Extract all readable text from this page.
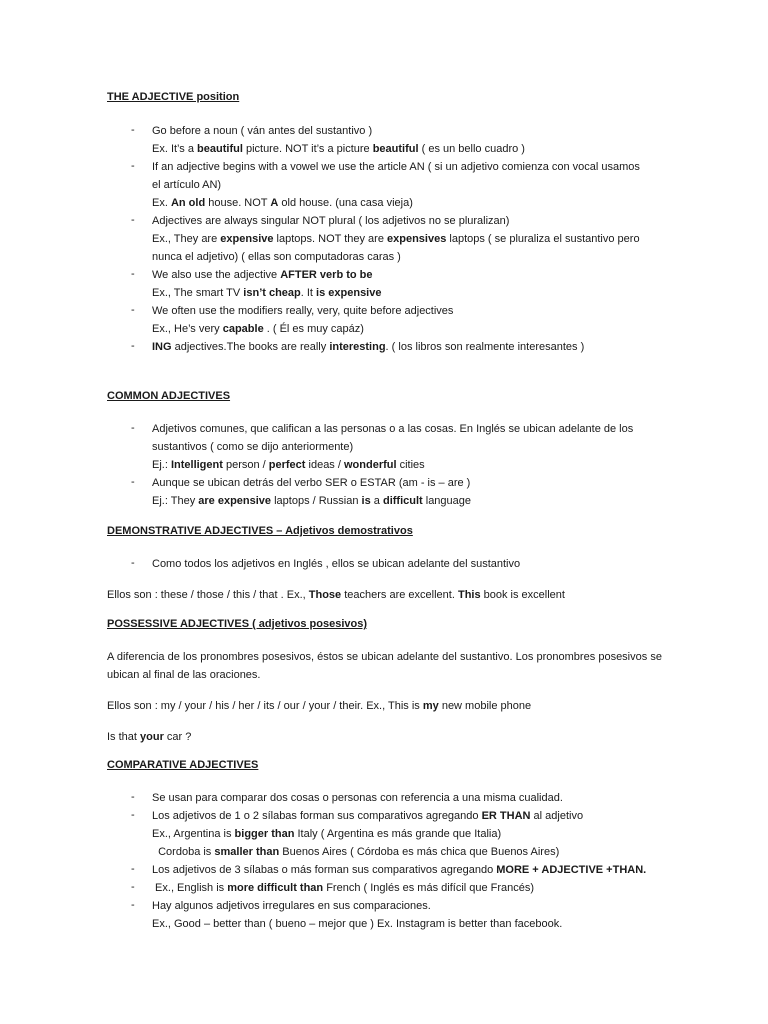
THE ADJECTIVE position
- Go before a noun ( ván antes del sustantivo )
Ex. It’s a beautiful picture. NOT it’s a picture beautiful ( es un bello cuadro )
- If an adjective begins with a vowel we use the article AN ( si un adjetivo comienza con vocal usamos
el artículo AN)
Ex. An old house. NOT A old house. (una casa vieja)
- Adjectives are always singular NOT plural ( los adjetivos no se pluralizan)
Ex., They are expensive laptops. NOT they are expensives laptops ( se pluraliza el sustantivo pero
nunca el adjetivo) ( ellas son computadoras caras )
- We also use the adjective AFTER verb to be
Ex., The smart TV isn’t cheap. It is expensive
- We often use the modifiers really, very, quite before adjectives
Ex., He’s very capable . ( Él es muy capáz)
- ING adjectives.The books are really interesting. ( los libros son realmente interesantes )
COMMON ADJECTIVES
- Adjetivos comunes, que califican a las personas o a las cosas. En Inglés se ubican adelante de los
sustantivos ( como se dijo anteriormente)
Ej.: Intelligent person / perfect ideas / wonderful cities
- Aunque se ubican detrás del verbo SER o ESTAR (am - is – are )
Ej.: They are expensive laptops / Russian is a difficult language
DEMONSTRATIVE ADJECTIVES – Adjetivos demostrativos
- Como todos los adjetivos en Inglés , ellos se ubican adelante del sustantivo
Ellos son : these / those / this / that . Ex., Those teachers are excellent. This book is excellent
POSSESSIVE ADJECTIVES ( adjetivos posesivos)
A diferencia de los pronombres posesivos, éstos se ubican adelante del sustantivo. Los pronombres posesivos se ubican al final de las oraciones.
Ellos son : my / your / his / her / its / our / your / their. Ex., This is my new mobile phone
Is that your car ?
COMPARATIVE ADJECTIVES
- Se usan para comparar dos cosas o personas con referencia a una misma cualidad.
- Los adjetivos de 1 o 2 sílabas forman sus comparativos agregando ER THAN al adjetivo
Ex., Argentina is bigger than Italy ( Argentina es más grande que Italia)
Cordoba is smaller than Buenos Aires ( Córdoba es más chica que Buenos Aires)
- Los adjetivos de 3 sílabas o más forman sus comparativos agregando MORE + ADJECTIVE +THAN.
- Ex., English is more difficult than French ( Inglés es más difícil que Francés)
- Hay algunos adjetivos irregulares en sus comparaciones.
Ex., Good – better than ( bueno – mejor que ) Ex. Instagram is better than facebook.
